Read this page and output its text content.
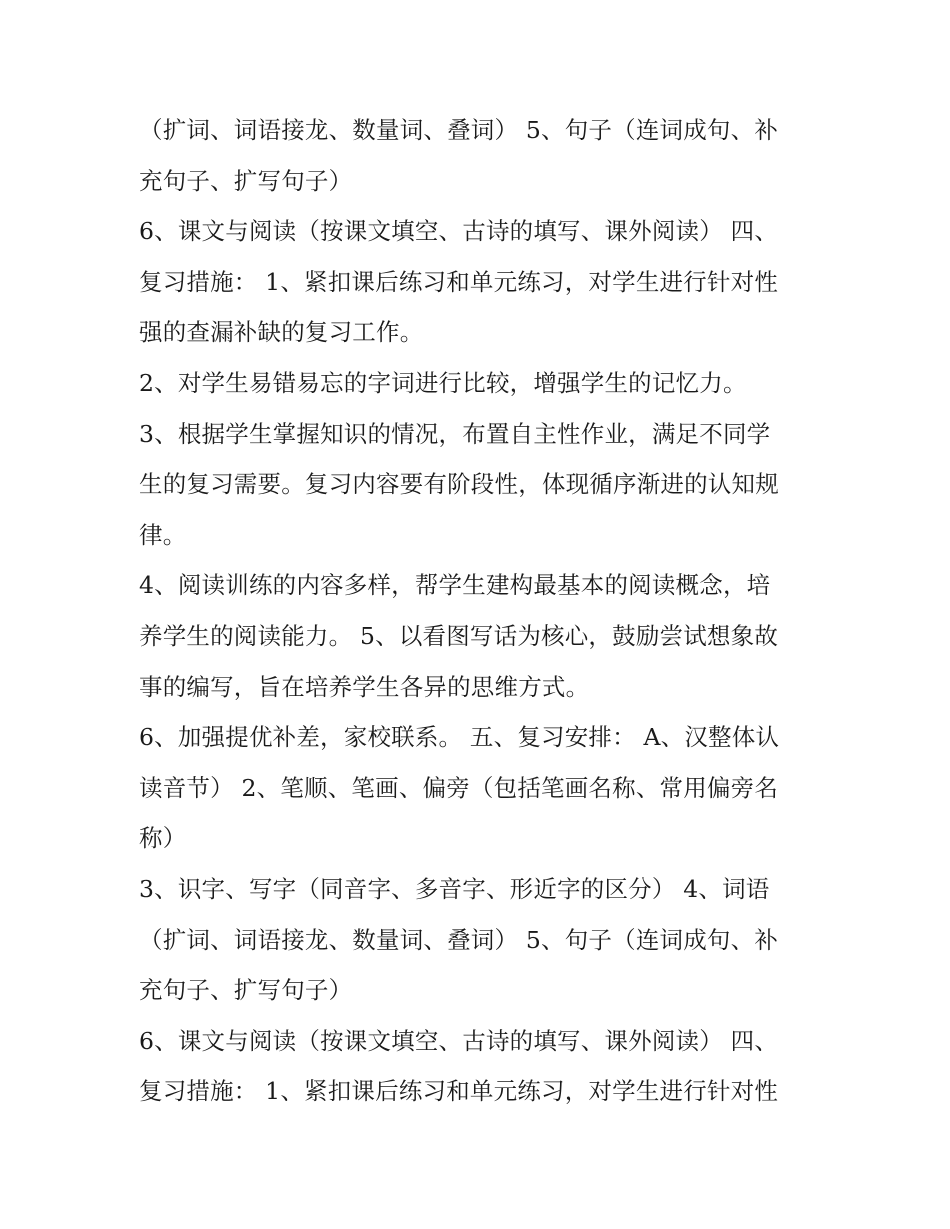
（扩词、词语接龙、数量词、叠词） 5、句子（连词成句、补
充句子、扩写句子）
6、课文与阅读（按课文填空、古诗的填写、课外阅读） 四、
复习措施： 1、紧扣课后练习和单元练习，对学生进行针对性
强的查漏补缺的复习工作。
2、对学生易错易忘的字词进行比较，增强学生的记忆力。
3、根据学生掌握知识的情况，布置自主性作业，满足不同学
生的复习需要。复习内容要有阶段性，体现循序渐进的认知规
律。
4、阅读训练的内容多样，帮学生建构最基本的阅读概念，培
养学生的阅读能力。 5、以看图写话为核心，鼓励尝试想象故
事的编写，旨在培养学生各异的思维方式。
6、加强提优补差，家校联系。 五、复习安排： A、汉整体认
读音节） 2、笔顺、笔画、偏旁（包括笔画名称、常用偏旁名
称）
3、识字、写字（同音字、多音字、形近字的区分） 4、词语
（扩词、词语接龙、数量词、叠词） 5、句子（连词成句、补
充句子、扩写句子）
6、课文与阅读（按课文填空、古诗的填写、课外阅读） 四、
复习措施： 1、紧扣课后练习和单元练习，对学生进行针对性
